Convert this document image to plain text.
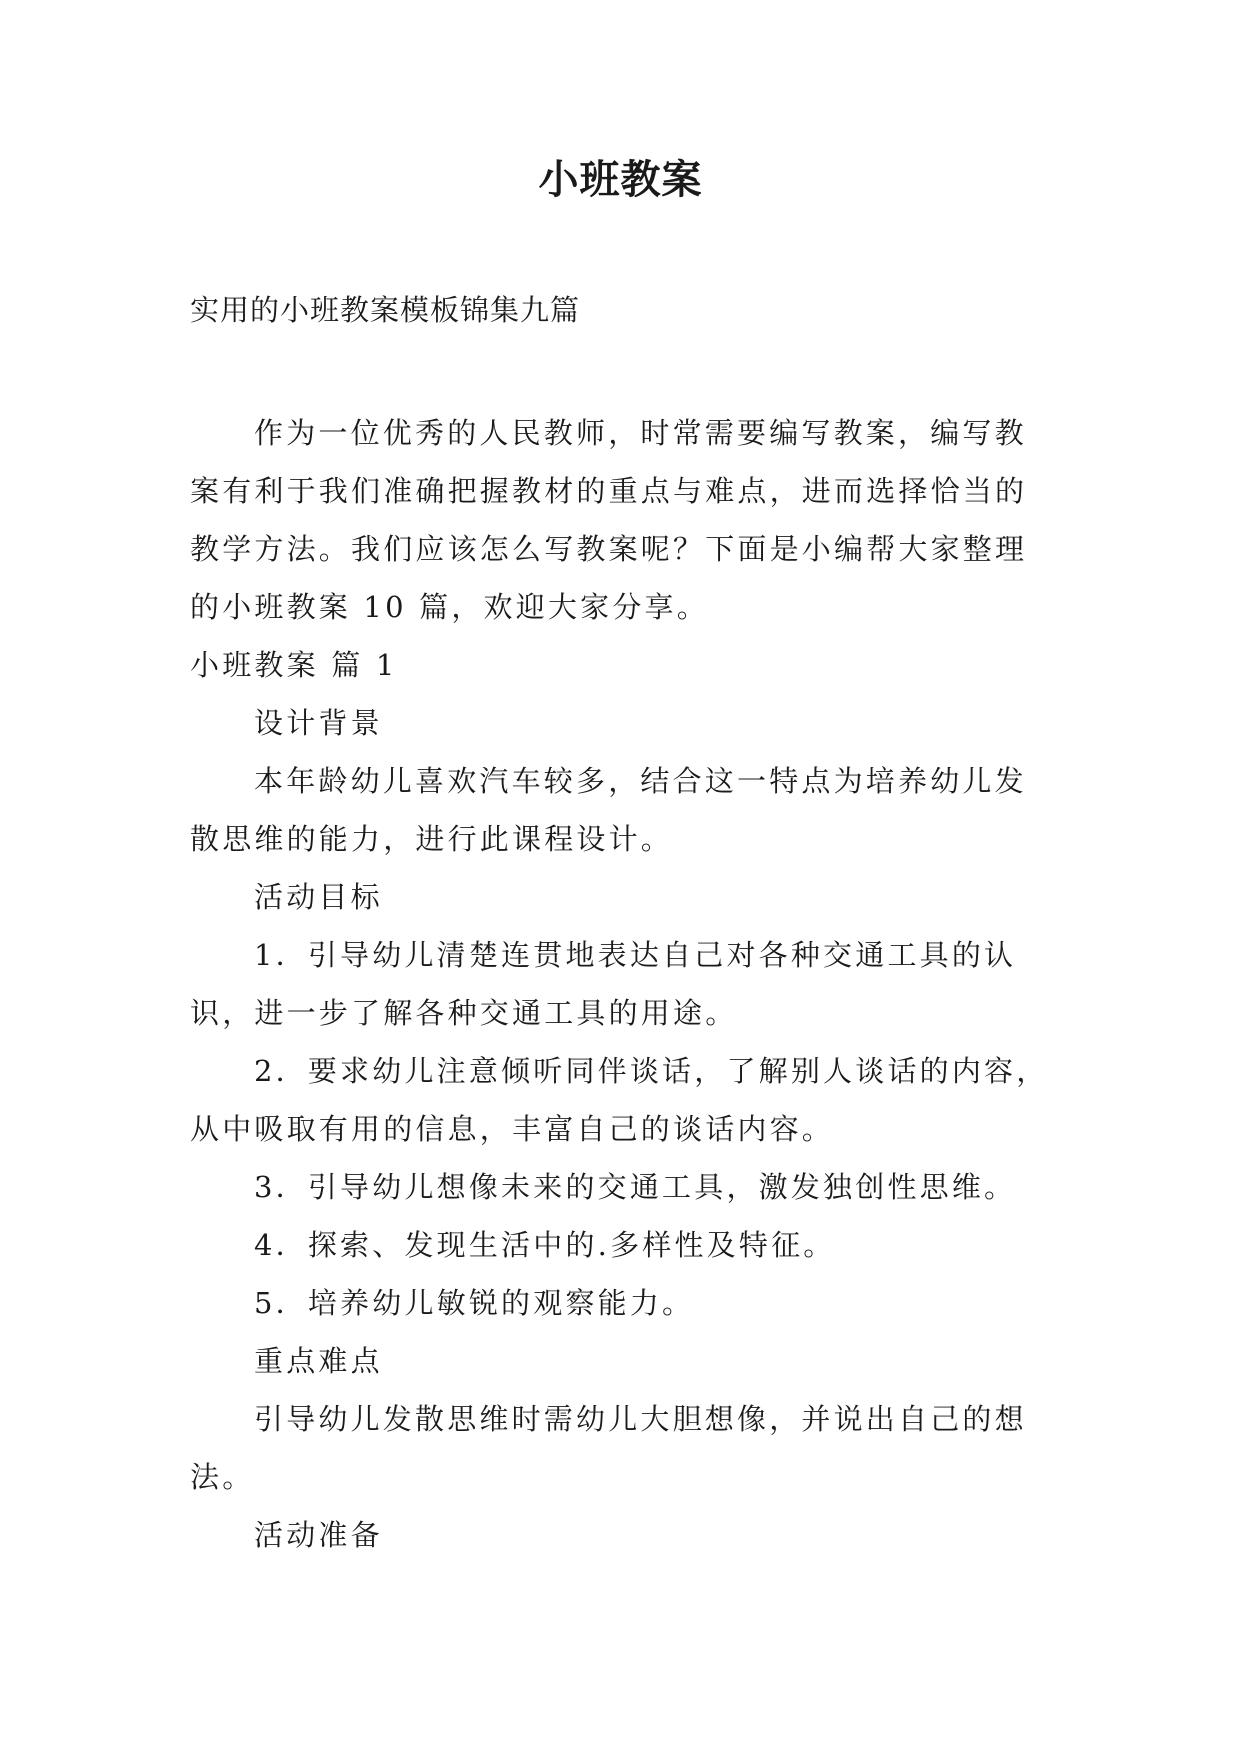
小班教案
实用的小班教案模板锦集九篇

作为一位优秀的人民教师，时常需要编写教案，编写教案有利于我们准确把握教材的重点与难点，进而选择恰当的教学方法。我们应该怎么写教案呢？下面是小编帮大家整理的小班教案 10 篇，欢迎大家分享。

小班教案 篇 1

设计背景

本年龄幼儿喜欢汽车较多，结合这一特点为培养幼儿发散思维的能力，进行此课程设计。

活动目标

1．引导幼儿清楚连贯地表达自己对各种交通工具的认识，进一步了解各种交通工具的用途。

2．要求幼儿注意倾听同伴谈话，了解别人谈话的内容，从中吸取有用的信息，丰富自己的谈话内容。

3．引导幼儿想像未来的交通工具，激发独创性思维。

4．探索、发现生活中的.多样性及特征。

5．培养幼儿敏锐的观察能力。

重点难点

引导幼儿发散思维时需幼儿大胆想像，并说出自己的想法。

活动准备
